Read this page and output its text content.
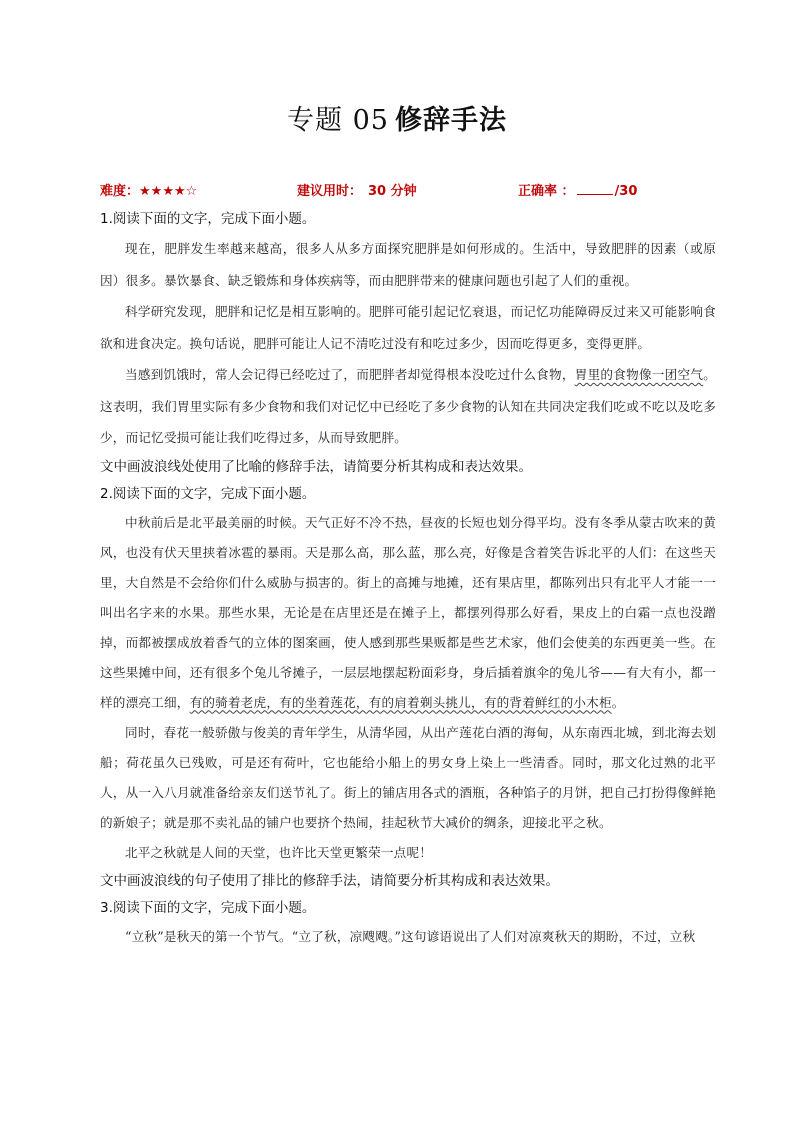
专题 05 修辞手法
难度：★★★★☆	建议用时： 30 分钟	正确率 ：	/30

1.阅读下面的文字，完成下面小题。

现在，肥胖发生率越来越高，很多人从多方面探究肥胖是如何形成的。生活中，导致肥胖的因素（或原因）很多。暴饮暴食、缺乏锻炼和身体疾病等，而由肥胖带来的健康问题也引起了人们的重视。

科学研究发现，肥胖和记忆是相互影响的。肥胖可能引起记忆衰退，而记忆功能障碍反过来又可能影响食欲和进食决定。换句话说，肥胖可能让人记不清吃过没有和吃过多少，因而吃得更多，变得更胖。

当感到饥饿时，常人会记得已经吃过了，而肥胖者却觉得根本没吃过什么食物，胃里的食物像一团空气。这表明，我们胃里实际有多少食物和我们对记忆中已经吃了多少食物的认知在共同决定我们吃或不吃以及吃多少，而记忆受损可能让我们吃得过多，从而导致肥胖。

文中画波浪线处使用了比喻的修辞手法，请简要分析其构成和表达效果。

2.阅读下面的文字，完成下面小题。

中秋前后是北平最美丽的时候。天气正好不冷不热，昼夜的长短也划分得平均。没有冬季从蒙古吹来的黄风，也没有伏天里挟着冰雹的暴雨。天是那么高，那么蓝，那么亮，好像是含着笑告诉北平的人们：在这些天里，大自然是不会给你们什么威胁与损害的。街上的高摊与地摊，还有果店里，都陈列出只有北平人才能一一叫出名字来的水果。那些水果，无论是在店里还是在摊子上，都摆列得那么好看，果皮上的白霜一点也没蹭掉，而都被摆成放着香气的立体的图案画，使人感到那些果贩都是些艺术家，他们会使美的东西更美一些。在这些果摊中间，还有很多个兔儿爷摊子，一层层地摆起粉面彩身，身后插着旗伞的兔儿爷——有大有小，都一样的漂亮工细，有的骑着老虎，有的坐着莲花，有的肩着剃头挑儿，有的背着鲜红的小木柜。

同时，春花一般骄傲与俊美的青年学生，从清华园，从出产莲花白酒的海甸，从东南西北城，到北海去划船；荷花虽久已残败，可是还有荷叶，它也能给小船上的男女身上染上一些清香。同时，那文化过熟的北平人，从一入八月就准备给亲友们送节礼了。街上的铺店用各式的酒瓶，各种馅子的月饼，把自己打扮得像鲜艳的新娘子；就是那不卖礼品的铺户也要挤个热闹，挂起秋节大减价的绸条，迎接北平之秋。

北平之秋就是人间的天堂，也许比天堂更繁荣一点呢！

文中画波浪线的句子使用了排比的修辞手法，请简要分析其构成和表达效果。

3.阅读下面的文字，完成下面小题。

“立秋”是秋天的第一个节气。“立了秋，凉飕飕。”这句谚语说出了人们对凉爽秋天的期盼，不过，立秋
